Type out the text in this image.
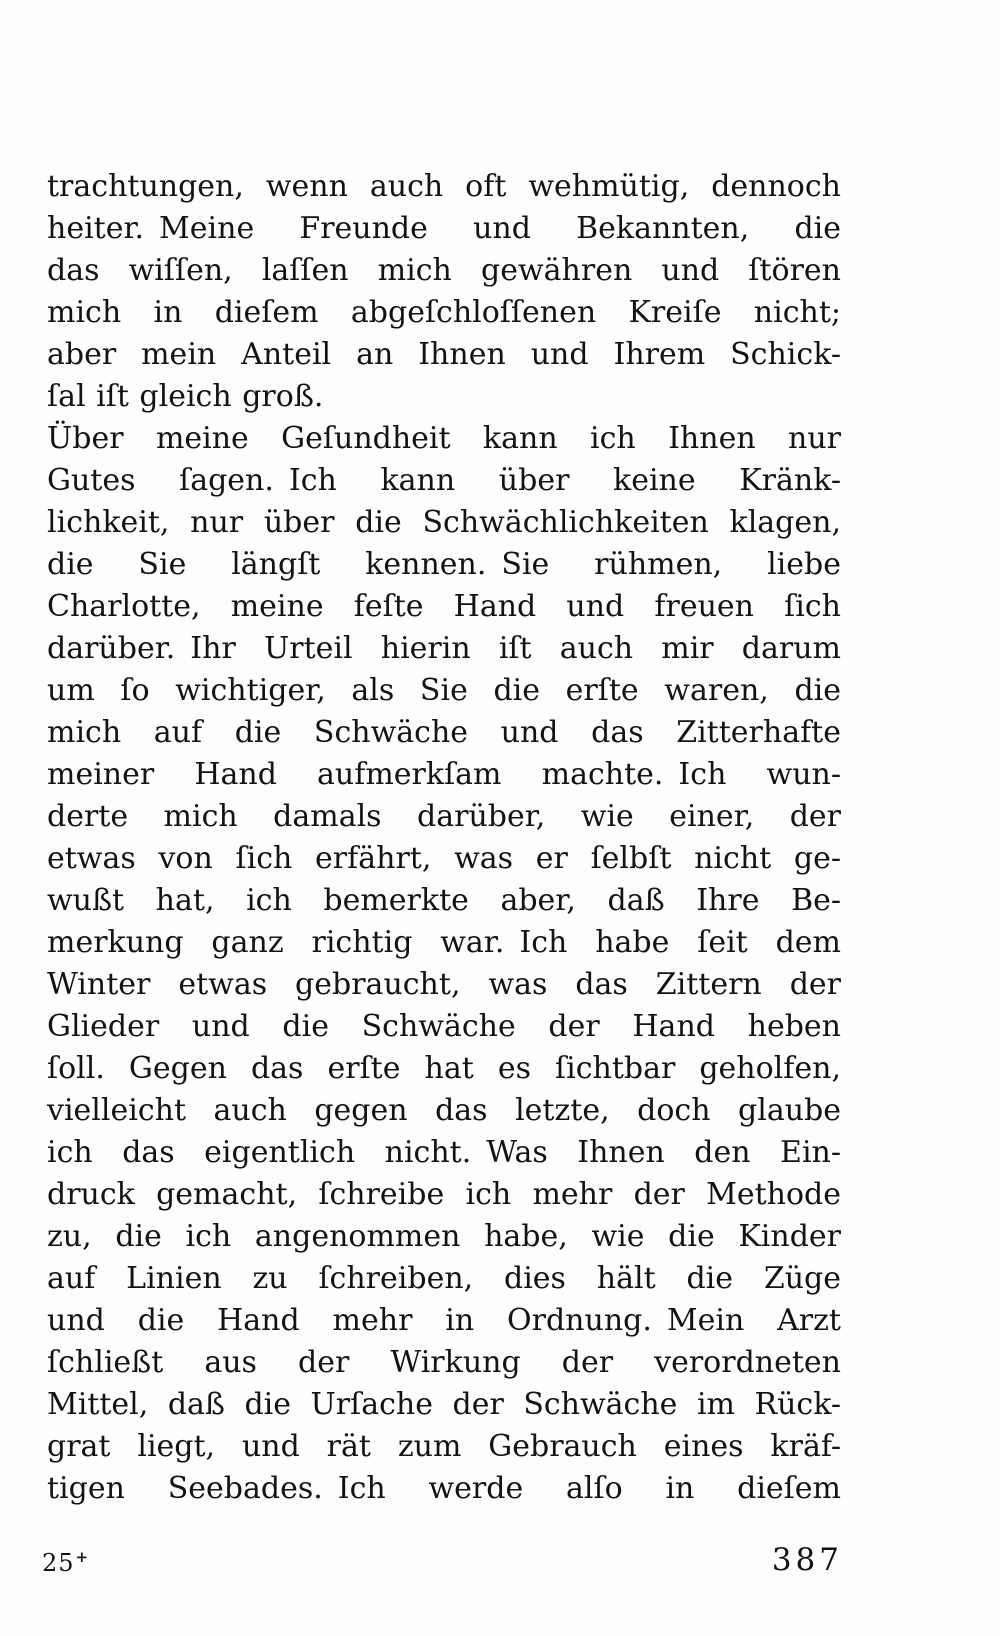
trachtungen, wenn auch oft wehmütig, dennoch
heiter. Meine Freunde und Bekannten, die
das wiſſen, laſſen mich gewähren und ſtören
mich in dieſem abgeſchloſſenen Kreiſe nicht;
aber mein Anteil an Ihnen und Ihrem Schick-
ſal iſt gleich groß.
Über meine Geſundheit kann ich Ihnen nur
Gutes ſagen. Ich kann über keine Kränk-
lichkeit, nur über die Schwächlichkeiten klagen,
die Sie längſt kennen. Sie rühmen, liebe
Charlotte, meine feſte Hand und freuen ſich
darüber. Ihr Urteil hierin iſt auch mir darum
um ſo wichtiger, als Sie die erſte waren, die
mich auf die Schwäche und das Zitterhafte
meiner Hand aufmerkſam machte. Ich wun-
derte mich damals darüber, wie einer, der
etwas von ſich erfährt, was er ſelbſt nicht ge-
wußt hat, ich bemerkte aber, daß Ihre Be-
merkung ganz richtig war. Ich habe ſeit dem
Winter etwas gebraucht, was das Zittern der
Glieder und die Schwäche der Hand heben
ſoll. Gegen das erſte hat es ſichtbar geholfen,
vielleicht auch gegen das letzte, doch glaube
ich das eigentlich nicht. Was Ihnen den Ein-
druck gemacht, ſchreibe ich mehr der Methode
zu, die ich angenommen habe, wie die Kinder
auf Linien zu ſchreiben, dies hält die Züge
und die Hand mehr in Ordnung. Mein Arzt
ſchließt aus der Wirkung der verordneten
Mittel, daß die Urſache der Schwäche im Rück-
grat liegt, und rät zum Gebrauch eines kräf-
tigen Seebades. Ich werde alſo in dieſem
25+	387
